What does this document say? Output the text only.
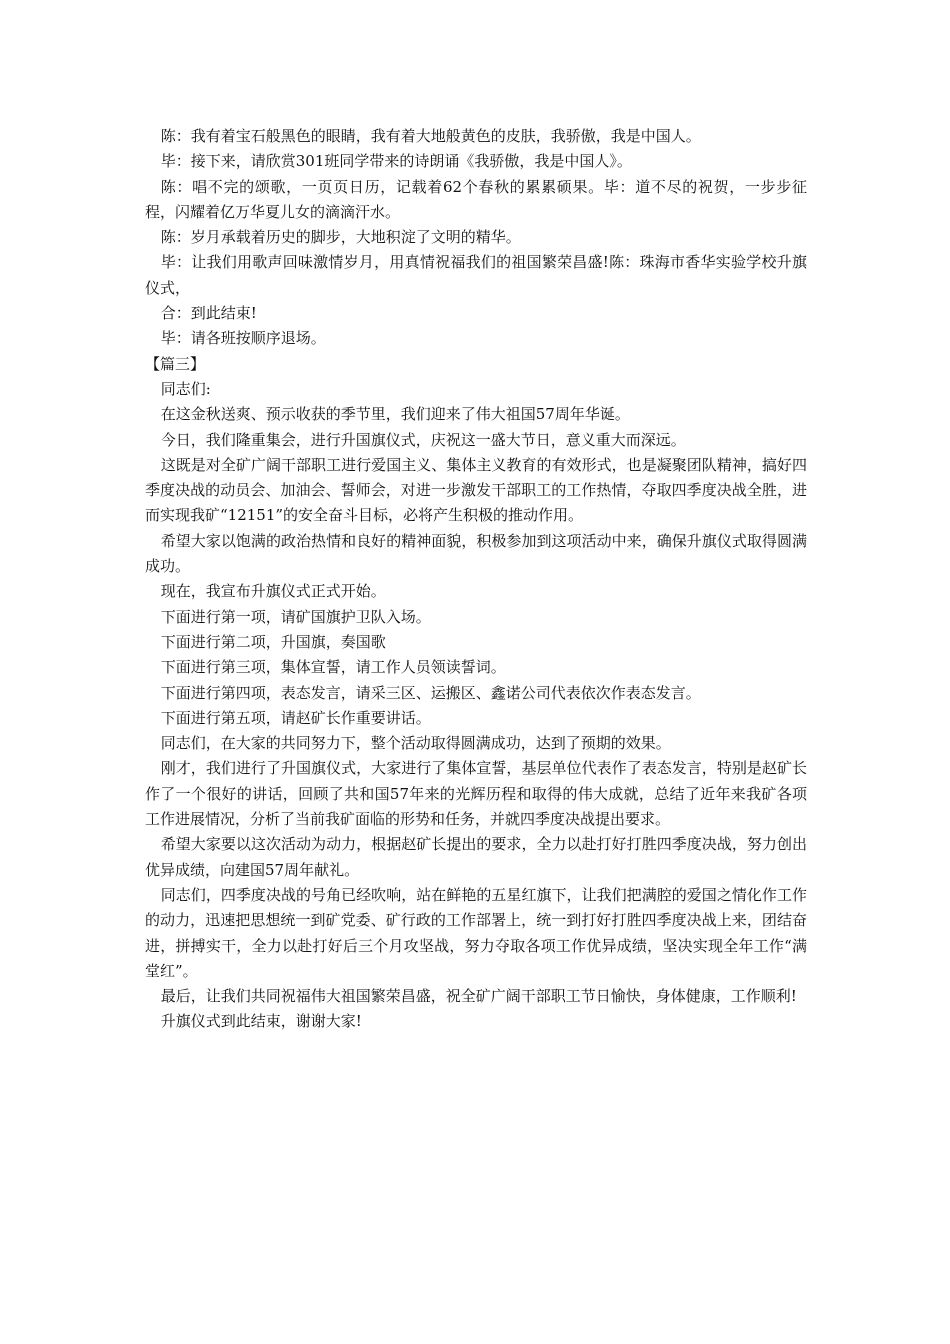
陈：我有着宝石般黑色的眼睛，我有着大地般黄色的皮肤，我骄傲，我是中国人。

毕：接下来，请欣赏301班同学带来的诗朗诵《我骄傲，我是中国人》。

陈：唱不完的颂歌，一页页日历，记载着62个春秋的累累硕果。毕：道不尽的祝贺，一步步征程，闪耀着亿万华夏儿女的滴滴汗水。

陈：岁月承载着历史的脚步，大地积淀了文明的精华。

毕：让我们用歌声回味激情岁月，用真情祝福我们的祖国繁荣昌盛!陈：珠海市香华实验学校升旗仪式，

合：到此结束!

毕：请各班按顺序退场。

【篇三】

同志们:

在这金秋送爽、预示收获的季节里，我们迎来了伟大祖国57周年华诞。

今日，我们隆重集会，进行升国旗仪式，庆祝这一盛大节日，意义重大而深远。

这既是对全矿广阔干部职工进行爱国主义、集体主义教育的有效形式，也是凝聚团队精神，搞好四季度决战的动员会、加油会、誓师会，对进一步激发干部职工的工作热情，夺取四季度决战全胜，进而实现我矿“12151”的安全奋斗目标，必将产生积极的推动作用。

希望大家以饱满的政治热情和良好的精神面貌，积极参加到这项活动中来，确保升旗仪式取得圆满成功。

现在，我宣布升旗仪式正式开始。

下面进行第一项，请矿国旗护卫队入场。

下面进行第二项，升国旗，奏国歌

下面进行第三项，集体宣誓，请工作人员领读誓词。

下面进行第四项，表态发言，请采三区、运搬区、鑫诺公司代表依次作表态发言。

下面进行第五项，请赵矿长作重要讲话。

同志们，在大家的共同努力下，整个活动取得圆满成功，达到了预期的效果。

刚才，我们进行了升国旗仪式，大家进行了集体宣誓，基层单位代表作了表态发言，特别是赵矿长作了一个很好的讲话，回顾了共和国57年来的光辉历程和取得的伟大成就，总结了近年来我矿各项工作进展情况，分析了当前我矿面临的形势和任务，并就四季度决战提出要求。

希望大家要以这次活动为动力，根据赵矿长提出的要求，全力以赴打好打胜四季度决战，努力创出优异成绩，向建国57周年献礼。

同志们，四季度决战的号角已经吹响，站在鲜艳的五星红旗下，让我们把满腔的爱国之情化作工作的动力，迅速把思想统一到矿党委、矿行政的工作部署上，统一到打好打胜四季度决战上来，团结奋进，拼搏实干，全力以赴打好后三个月攻坚战，努力夺取各项工作优异成绩，坚决实现全年工作“满堂红”。

最后，让我们共同祝福伟大祖国繁荣昌盛，祝全矿广阔干部职工节日愉快，身体健康，工作顺利!

升旗仪式到此结束，谢谢大家!
